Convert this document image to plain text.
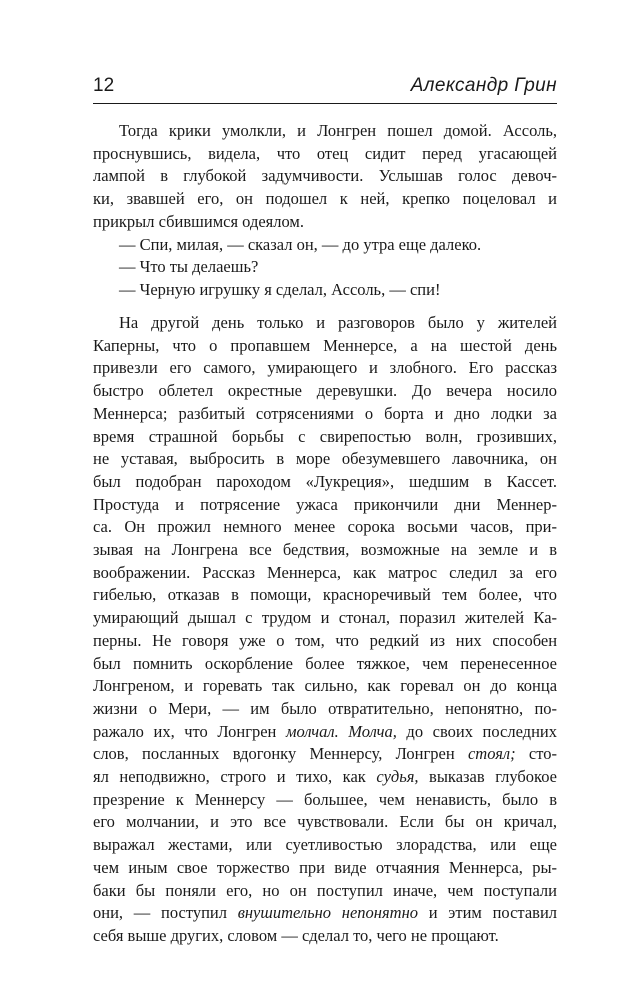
12	Александр Грин
Тогда крики умолкли, и Лонгрен пошел домой. Ассоль,
проснувшись, видела, что отец сидит перед угасающей
лампой в глубокой задумчивости. Услышав голос девоч-
ки, звавшей его, он подошел к ней, крепко поцеловал и
прикрыл сбившимся одеялом.
— Спи, милая, — сказал он, — до утра еще далеко.
— Что ты делаешь?
— Черную игрушку я сделал, Ассоль, — спи!
На другой день только и разговоров было у жителей
Каперны, что о пропавшем Меннерсе, а на шестой день
привезли его самого, умирающего и злобного. Его рассказ
быстро облетел окрестные деревушки. До вечера носило
Меннерса; разбитый сотрясениями о борта и дно лодки за
время страшной борьбы с свирепостью волн, грозивших,
не уставая, выбросить в море обезумевшего лавочника, он
был подобран пароходом «Лукреция», шедшим в Кассет.
Простуда и потрясение ужаса прикончили дни Меннер-
са. Он прожил немного менее сорока восьми часов, при-
зывая на Лонгрена все бедствия, возможные на земле и в
воображении. Рассказ Меннерса, как матрос следил за его
гибелью, отказав в помощи, красноречивый тем более, что
умирающий дышал с трудом и стонал, поразил жителей Ка-
перны. Не говоря уже о том, что редкий из них способен
был помнить оскорбление более тяжкое, чем перенесенное
Лонгреном, и горевать так сильно, как горевал он до конца
жизни о Мери, — им было отвратительно, непонятно, по-
ражало их, что Лонгрен молчал. Молча, до своих последних
слов, посланных вдогонку Меннерсу, Лонгрен стоял; сто-
ял неподвижно, строго и тихо, как судья, выказав глубокое
презрение к Меннерсу — большее, чем ненависть, было в
его молчании, и это все чувствовали. Если бы он кричал,
выражал жестами, или суетливостью злорадства, или еще
чем иным свое торжество при виде отчаяния Меннерса, ры-
баки бы поняли его, но он поступил иначе, чем поступали
они, — поступил внушительно непонятно и этим поставил
себя выше других, словом — сделал то, чего не прощают.
